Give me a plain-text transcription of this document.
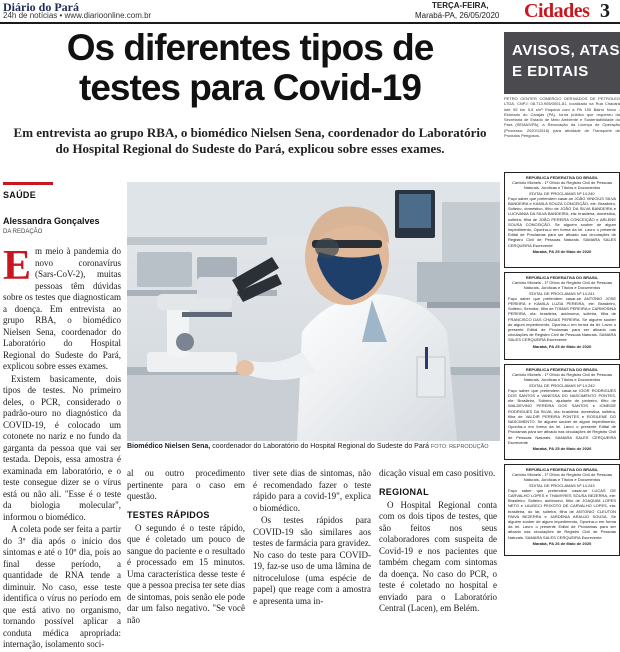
Diário do Pará
24h de notícias • www.diarioonline.com.br
TERÇA-FEIRA,
Marabá-PA, 26/05/2020 Cidades 3
Os diferentes tipos de
testes para Covid-19
Em entrevista ao grupo RBA, o biomédico Nielsen Sena, coordenador do Laboratório do Hospital Regional do Sudeste do Pará, explicou sobre esses exames.
SAÚDE
Alessandra Gonçalves
DA REDAÇÃO

Em meio à pandemia do novo coronavírus (Sars-CoV-2), muitas pessoas têm dúvidas sobre os testes que diagnosticam a doença. Em entrevista ao grupo RBA, o biomédico Nielsen Sena, coordenador do Laboratório do Hospital Regional do Sudeste do Pará, explicou sobre esses exames.

Existem basicamente, dois tipos de testes. No primeiro deles, o PCR, considerado o padrão-ouro no diagnóstico da COVID-19, é colocado um cotonete no nariz e no fundo da garganta da pessoa que vai ser testada. Depois, essa amostra é examinada em laboratório, e o teste consegue dizer se o vírus está ou não ali. "Esse é o teste da biologia molecular", informou o biomédico.

A coleta pode ser feita a partir do 3º dia após o início dos sintomas e até o 10º dia, pois ao final desse período, a quantidade de RNA tende a diminuir. No caso, esse teste identifica o vírus no período em que está ativo no organismo, tornando possível aplicar a conduta médica apropriada: internação, isolamento soci-

Biomédico Nielsen Sena, coordenador do Laboratório do Hospital Regional do Sudeste do Pará FOTO: REPRODUÇÃO

al ou outro procedimento pertinente para o caso em questão.

TESTES RÁPIDOS

O segundo é o teste rápido, que é coletado um pouco de sangue do paciente e o resultado é processado em 15 minutos. Uma característica desse teste é que a pessoa precisa ter sete dias de sintomas, pois senão ele pode dar um falso negativo. "Se você não

tiver sete dias de sintomas, não é recomendado fazer o teste rápido para a covid-19", explica o biomédico.

Os testes rápidos para COVID-19 são similares aos testes de farmácia para gravidez. No caso do teste para COVID-19, faz-se uso de uma lâmina de nitrocelulose (uma espécie de papel) que reage com a amostra e apresenta uma in-

dicação visual em caso positivo.

REGIONAL

O Hospital Regional conta com os dois tipos de testes, que são feitos nos seus colaboradores com suspeita de Covid-19 e nos pacientes que também chegam com sintomas da doença. No caso do PCR, o teste é coletado no hospital e enviado para o Laboratório Central (Lacen), em Belém.

AVISOS, ATAS
E EDITAIS
PETRO CENTER COMERCIO DERIVADOS DE PETROLEO LTDA, CNPJ: 08.713.905/0001-81, localizado na Rua Chácara lote 05 km 5,5 s/nº Esquina com a PA 150 Bairro Novo - Eldorado do Carajás (PA), torna público que requereu da Secretaria de Estado de Meio Ambiente e Sustentabilidade do Pará (SEMAS/PA), a Renovação da Licença de Operação (Processo: 2020/12516) para atividade de Transporte de Produtos Perigosos.
REPÚBLICA FEDERATIVA DO BRASIL
Cartório Michels - 1º Ofício do Registro Civil de Pessoas Naturais, Jurídicas e Títulos e Documentos
EDITAL DE PROCLAMAS Nº 14.240
Faço saber que pretendem casar-se JOÃO VINICIUS SILVA BANDEIRA e KAMILA SOUZA CONCEIÇÃO, ele: Brasileiro, Solteiro, doméstico, filho de JOÃO DA SILVA BANDEIRA e LUCIVANIA DA SILVA BANDEIRA, ela: brasileira, doméstica, solteira, filha de JOÃO PEREIRA CONCEIÇÃO e ARLENE SOUSA CONCEIÇÃO. Se alguém souber de algum impedimento, Oponha-o em forma da lei. Lavro o presente Edital de Proclamas para ser afixado nas circulações de Registro Civil de Pessoas Naturais. SAMARA SALES CERQUEIRA Escrevente
Marabá, PA 25 de Maio de 2020
REPÚBLICA FEDERATIVA DO BRASIL
Cartório Michels - 1º Ofício do Registro Civil de Pessoas Naturais, Jurídicas e Títulos e Documentos
EDITAL DE PROCLAMAS Nº 14.241
Faço saber que pretendem casar-se ANTONIO JOSE PEREIRA e KAMILA LUZIA PEREIRA, ele: Brasileiro, Solteiro, Servidor, filho de TOMAS PEREIRA e CARMOSINA PEREIRA, ela: brasileira, autônoma, solteira, filha de FRANCISCO DAS CHAGAS PEREIRA. Se alguém souber de algum impedimento, Oponha-o em forma da lei. Lavro o presente Edital de Proclamas para ser afixado nas circulações de Registro Civil de Pessoas Naturais. SAMARA SALES CERQUEIRA Escrevente
Marabá, PA 25 de Maio de 2020
REPÚBLICA FEDERATIVA DO BRASIL
Cartório Michels - 1º Ofício do Registro Civil de Pessoas Naturais, Jurídicas e Títulos e Documentos
EDITAL DE PROCLAMAS Nº 14.242
Faço saber que pretendem casar-se IGOR RODRIGUES DOS SANTOS e VANESSA DO NASCIMENTO PONTES, ele: Brasileiro, Solteiro, ajudante de pedreiro, filho de WALDEVINO PEREIRA DOS SANTOS e IONEIDE RODRIGUES DA SILVA, ela: brasileira, doméstica, solteira, filha de VALDIR PEREIRA PONTES e ROSILENE DO NASCIMENTO. Se alguém souber de algum impedimento, Oponha-o em forma da lei. Lavro o presente Edital de Proclamas para ser afixado nas circulações de Registro Civil de Pessoas Naturais. SAMARA SALES CERQUEIRA Escrevente
Marabá, PA 25 de Maio de 2020
REPÚBLICA FEDERATIVA DO BRASIL
Cartório Michels - 1º Ofício do Registro Civil de Pessoas Naturais, Jurídicas e Títulos e Documentos
EDITAL DE PROCLAMAS Nº 14.243
Faço saber que pretendem casar-se LUCAS DE CARVALHO LOPES e THAMYRES SOUSA BEZERRA, ele: Brasileiro, Solteiro, autônomo, filho de JOAQUIM LOPES NETO e LAUDECI PEIXOTO DE CARVALHO LOPES, ela: brasileira, do lar, solteira, filha de ANTONIO CLEUTON PAIVA BEZERRA e JARDENIA ARAUJO SOUSA. Se alguém souber de algum impedimento, Oponha-o em forma da lei. Lavro o presente Edital de Proclamas para ser afixado nas circulações de Registro Civil de Pessoas Naturais. SAMARA SALES CERQUEIRA Escrevente
Marabá, PA 26 de Maio de 2020
